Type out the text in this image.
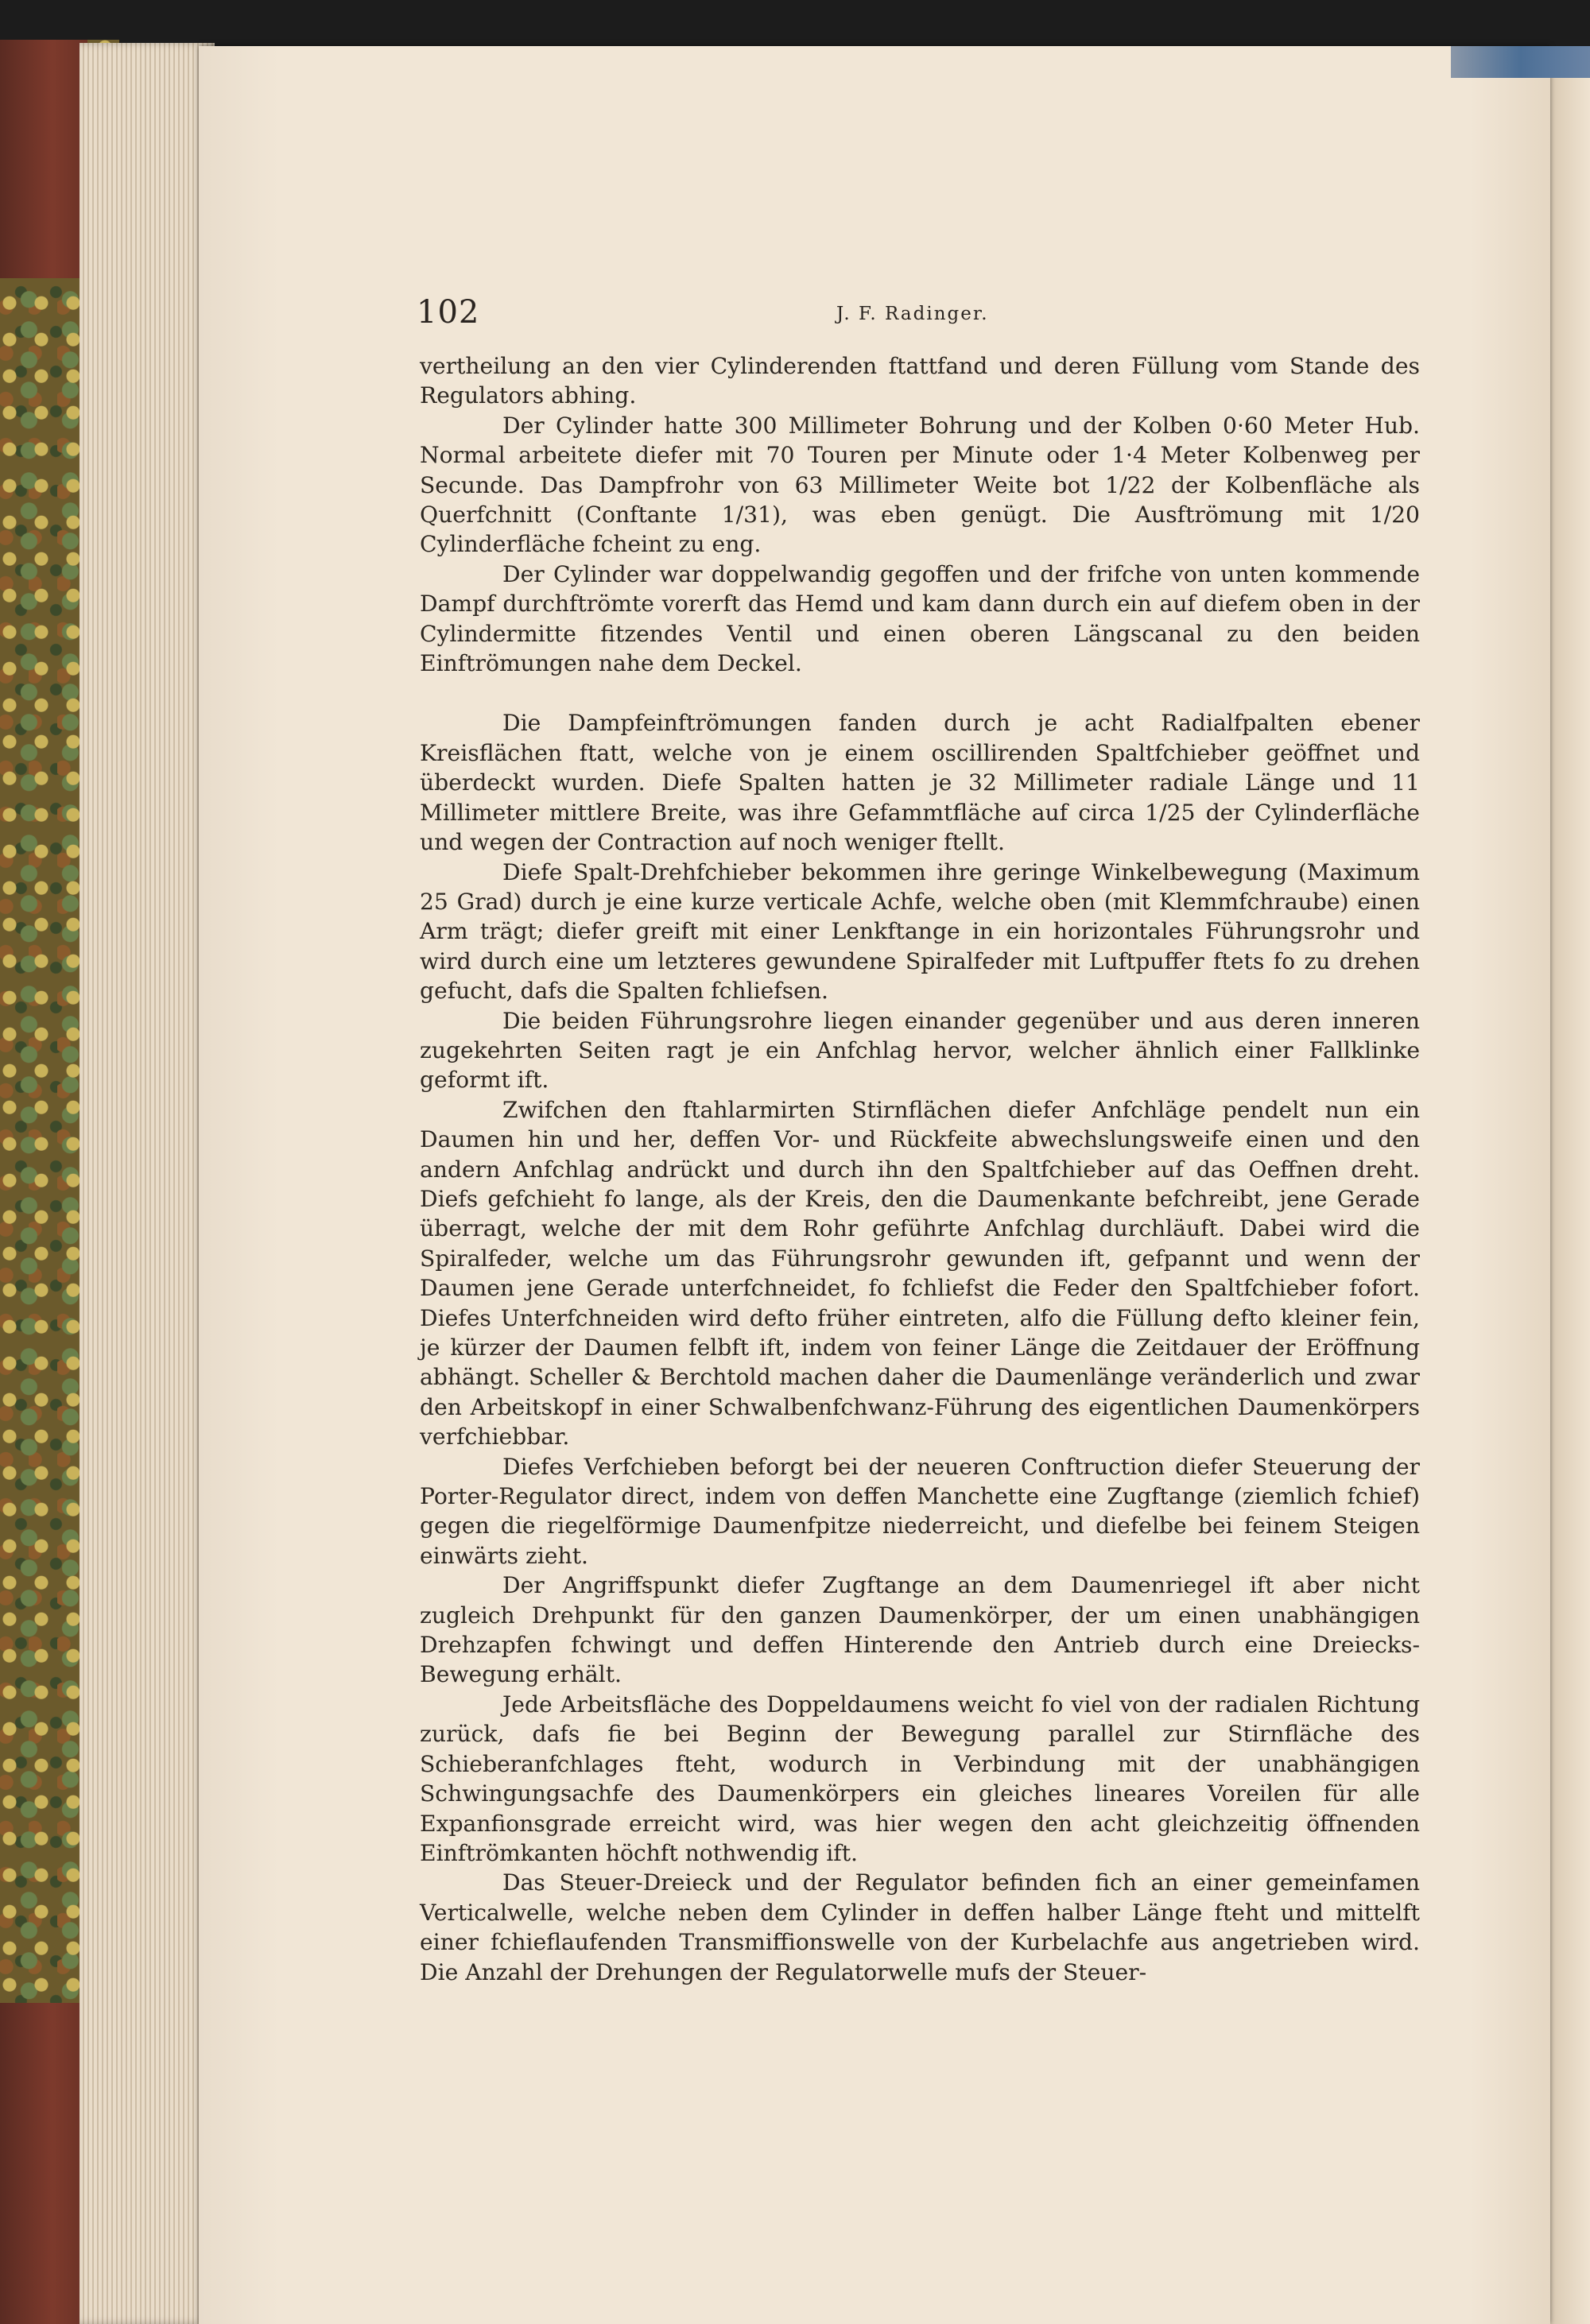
102	J. F. Radinger.

vertheilung an den vier Cylinderenden ftattfand und deren Füllung vom Stande des Regulators abhing.

Der Cylinder hatte 300 Millimeter Bohrung und der Kolben 0·60 Meter Hub. Normal arbeitete diefer mit 70 Touren per Minute oder 1·4 Meter Kolbenweg per Secunde. Das Dampfrohr von 63 Millimeter Weite bot 1/22 der Kolbenfläche als Querfchnitt (Conftante 1/31), was eben genügt. Die Ausftrömung mit 1/20 Cylinderfläche fcheint zu eng.

Der Cylinder war doppelwandig gegoffen und der frifche von unten kommende Dampf durchftrömte vorerft das Hemd und kam dann durch ein auf diefem oben in der Cylindermitte fitzendes Ventil und einen oberen Längscanal zu den beiden Einftrömungen nahe dem Deckel.

Die Dampfeinftrömungen fanden durch je acht Radialfpalten ebener Kreisflächen ftatt, welche von je einem oscillirenden Spaltfchieber geöffnet und überdeckt wurden. Diefe Spalten hatten je 32 Millimeter radiale Länge und 11 Millimeter mittlere Breite, was ihre Gefammtfläche auf circa 1/25 der Cylinderfläche und wegen der Contraction auf noch weniger ftellt.

Diefe Spalt-Drehfchieber bekommen ihre geringe Winkelbewegung (Maximum 25 Grad) durch je eine kurze verticale Achfe, welche oben (mit Klemmfchraube) einen Arm trägt; diefer greift mit einer Lenkftange in ein horizontales Führungsrohr und wird durch eine um letzteres gewundene Spiralfeder mit Luftpuffer ftets fo zu drehen gefucht, dafs die Spalten fchliefsen.

Die beiden Führungsrohre liegen einander gegenüber und aus deren inneren zugekehrten Seiten ragt je ein Anfchlag hervor, welcher ähnlich einer Fallklinke geformt ift.

Zwifchen den ftahlarmirten Stirnflächen diefer Anfchläge pendelt nun ein Daumen hin und her, deffen Vor- und Rückfeite abwechslungsweife einen und den andern Anfchlag andrückt und durch ihn den Spaltfchieber auf das Oeffnen dreht. Diefs gefchieht fo lange, als der Kreis, den die Daumenkante befchreibt, jene Gerade überragt, welche der mit dem Rohr geführte Anfchlag durchläuft. Dabei wird die Spiralfeder, welche um das Führungsrohr gewunden ift, gefpannt und wenn der Daumen jene Gerade unterfchneidet, fo fchliefst die Feder den Spaltfchieber fofort. Diefes Unterfchneiden wird defto früher eintreten, alfo die Füllung defto kleiner fein, je kürzer der Daumen felbft ift, indem von feiner Länge die Zeitdauer der Eröffnung abhängt. Scheller & Berchtold machen daher die Daumenlänge veränderlich und zwar den Arbeitskopf in einer Schwalbenfchwanz-Führung des eigentlichen Daumenkörpers verfchiebbar.

Diefes Verfchieben beforgt bei der neueren Conftruction diefer Steuerung der Porter-Regulator direct, indem von deffen Manchette eine Zugftange (ziemlich fchief) gegen die riegelförmige Daumenfpitze niederreicht, und diefelbe bei feinem Steigen einwärts zieht.

Der Angriffspunkt diefer Zugftange an dem Daumenriegel ift aber nicht zugleich Drehpunkt für den ganzen Daumenkörper, der um einen unabhängigen Drehzapfen fchwingt und deffen Hinterende den Antrieb durch eine Dreiecks-Bewegung erhält.

Jede Arbeitsfläche des Doppeldaumens weicht fo viel von der radialen Richtung zurück, dafs fie bei Beginn der Bewegung parallel zur Stirnfläche des Schieberanfchlages fteht, wodurch in Verbindung mit der unabhängigen Schwingungsachfe des Daumenkörpers ein gleiches lineares Voreilen für alle Expanfionsgrade erreicht wird, was hier wegen den acht gleichzeitig öffnenden Einftrömkanten höchft nothwendig ift.

Das Steuer-Dreieck und der Regulator befinden fich an einer gemeinfamen Verticalwelle, welche neben dem Cylinder in deffen halber Länge fteht und mittelft einer fchieflaufenden Transmiffionswelle von der Kurbelachfe aus angetrieben wird. Die Anzahl der Drehungen der Regulatorwelle mufs der Steuer-
